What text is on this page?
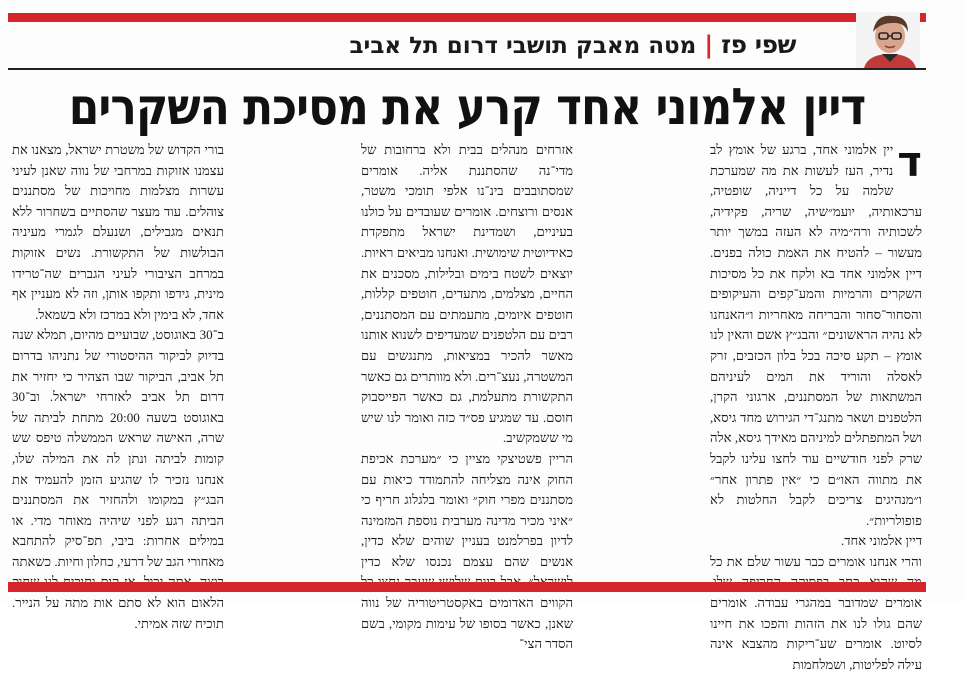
שפי פז|מטה מאבק תושבי דרום תל אביב
דיין אלמוני אחד קרע את מסיכת השקרים
ד

יין אלמוני אחד, ברגע של אומץ לב נדיר, העז לעשות את מה שמערכת שלמה על כל דייניה, שופטיה, ערכאותיה, יועמ״שיה, שריה, פקידיה, לשכותיה ורה״מיה לא העזה במשך יותר מעשור – להטיח את האמת כולה בפנים. דיין אלמוני אחד בא ולקח את כל מסיכות השקרים והרמיות והמע־קפים והעיקופים והסחור־סחור והבריחה מאחריות ו״האנחנו לא נהיה הראשונים״ והבג״ץ אשם והאין לנו אומץ – תקע סיכה בכל בלון הכזבים, זרק לאסלה והוריד את המים לעיניהם המשתאות של המסתננים, ארגוני הקרן, הלטפנים ושאר מתנג־די הגירוש מחד גיסא, ושל המתפתלים למיניהם מאידך גיסא, אלה שרק לפני חודשיים עוד לחצו עלינו לקבל את מתווה האו״ם כי ״אין פתרון אחר״ ו״מנהיגים צריכים לקבל החלטות לא פופולריות״.

דיין אלמוני אחד.

והרי אנחנו אומרים כבר עשור שלם את כל אומרים שמדובר במהגרי עבודה. אומרים שהם גולו לנו את הזהות והפכו את חיינו לסיוט. אומרים שע־ריקות מהצבא אינה עילה לפליטות, ושמלחמות

אזרחים מנהלים בבית ולא ברחובות של מדי־נה שהסתננת אליה. אומרים שמסתובבים בינ־נו אלפי תומכי משטר, אנסים ורוצחים. אומרים שעובדים על כולנו בעיניים, ושמדינת ישראל מתפקדת כאידיוטית שימושית. ואנחנו מביאים ראיות. יוצאים לשטח בימים ובלילות, מסכנים את החיים, מצלמים, מתעדים, חוטפים קללות, חוטפים איומים, מתעמתים עם המסתננים, רבים עם הלטפנים שמעדיפים לשנוא אותנו מאשר להכיר במציאות, מתנגשים עם המשטרה, נעצ־רים. ולא מוותרים גם כאשר התקשורת מתעלמת, גם כאשר הפייסבוק חוסם. עד שמגיע פס״ד כזה ואומר לנו שיש מי ששמקשיב.

הריין פשטיצקי מציין כי ״מערכת אכיפת החוק אינה מצליחה להתמודד כיאות עם מסתננים מפרי חוק״ ואומר בלגלוג חריף כי ״איני מכיר מדינה מערבית נוספת המזמינה לדיון בפרלמנט בעניין שוהים שלא כדין, אנשים שהם עצמם נכנסו שלא כדין הקווים האדומים באקסטריטוריה של נווה שאנן, כאשר בסופו של עימות מקומי, בשם הסדר הצי־

בורי הקדוש של משטרת ישראל, מצאנו את עצמנו אזוקות במרחבי של נווה שאנן לעיני עשרות מצלמות מחויכות של מסתננים צוהלים. עוד מעצר שהסתיים בשחרור ללא תנאים מגבילים, ושנעלם לגמרי מעיניה הבולשות של התקשורת. נשים אזוקות במרחב הציבורי לעיני הגברים שה־טרידו מינית, גידפו ותקפו אותן, וזה לא מעניין אף אחד, לא בימין ולא במרכז ולא בשמאל.

ב־30 באוגוסט, שבועיים מהיום, תמלא שנה בדיוק לביקור ההיסטורי של נתניהו בדרום תל אביב, הביקור שבו הצהיר כי יחזיר את דרום תל אביב לאזרחי ישראל. וב־30 באוגוסט בשעה 20:00 מתחת לביתה של שרה, האישה שראש הממשלה טיפס שש קומות לביתה ונתן לה את המילה שלו, אנחנו נזכיר לו שהגיע הזמן להעמיד את הבג״ץ במקומו ולהחזיר את המסתננים הביתה רגע לפני שיהיה מאוחר מדי. או במילים אחרות: ביבי, תפ־סיק להתחבא מאחורי הגב של דרעי, כחלון וחיות. כשאתה הלאום הוא לא סתם אות מתה על הנייר. תוכיח שזה אמיתי.
